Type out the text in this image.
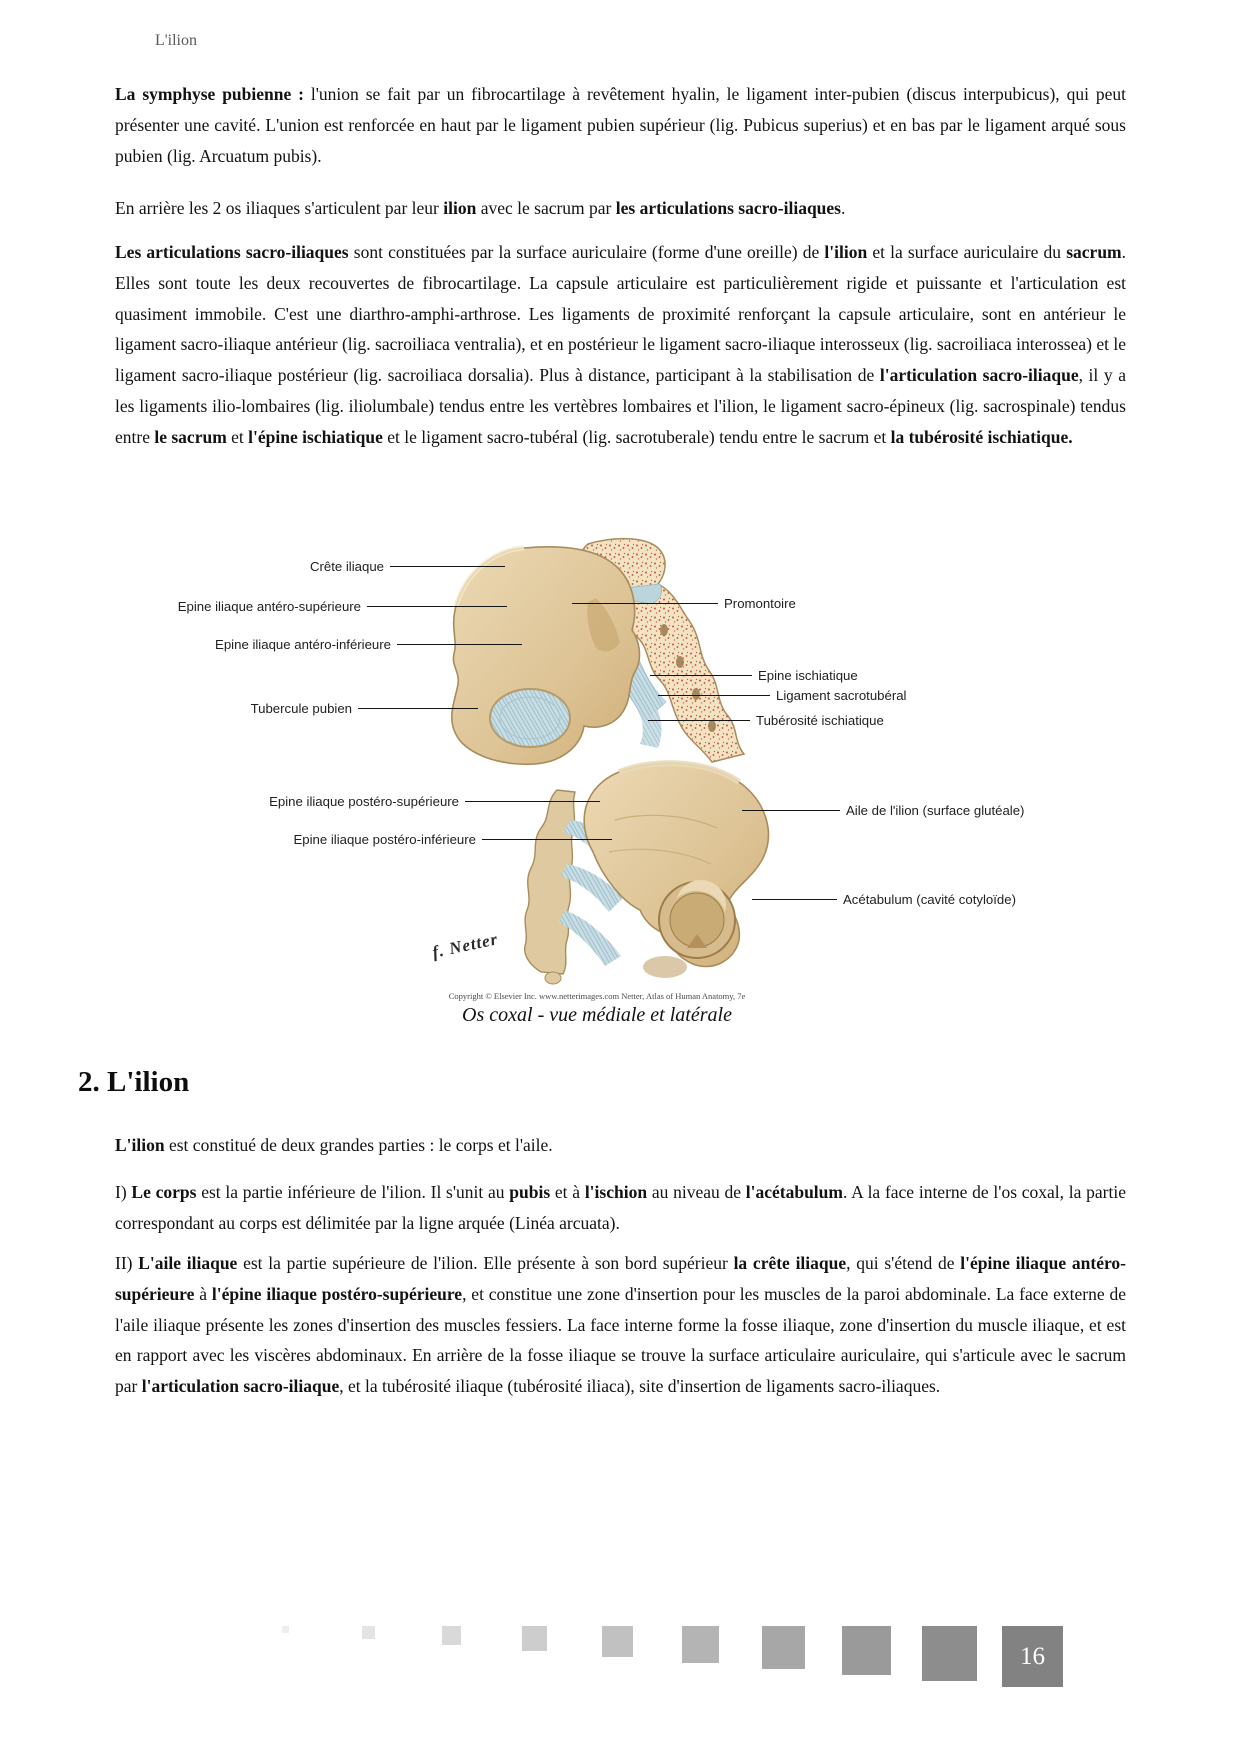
L'ilion
La symphyse pubienne : l'union se fait par un fibrocartilage à revêtement hyalin, le ligament inter-pubien (discus interpubicus), qui peut présenter une cavité. L'union est renforcée en haut par le ligament pubien supérieur (lig. Pubicus superius) et en bas par le ligament arqué sous pubien (lig. Arcuatum pubis).
En arrière les 2 os iliaques s'articulent par leur ilion avec le sacrum par les articulations sacro-iliaques.
Les articulations sacro-iliaques sont constituées par la surface auriculaire (forme d'une oreille) de l'ilion et la surface auriculaire du sacrum. Elles sont toute les deux recouvertes de fibrocartilage. La capsule articulaire est particulièrement rigide et puissante et l'articulation est quasiment immobile. C'est une diarthro-amphi-arthrose. Les ligaments de proximité renforçant la capsule articulaire, sont en antérieur le ligament sacro-iliaque antérieur (lig. sacroiliaca ventralia), et en postérieur le ligament sacro-iliaque interosseux (lig. sacroiliaca interossea) et le ligament sacro-iliaque postérieur (lig. sacroiliaca dorsalia). Plus à distance, participant à la stabilisation de l'articulation sacro-iliaque, il y a les ligaments ilio-lombaires (lig. iliolumbale) tendus entre les vertèbres lombaires et l'ilion, le ligament sacro-épineux (lig. sacrospinale) tendus entre le sacrum et l'épine ischiatique et le ligament sacro-tubéral (lig. sacrotuberale) tendu entre le sacrum et la tubérosité ischiatique.
Crête iliaque
Epine iliaque antéro-supérieure
Epine iliaque antéro-inférieure
Tubercule pubien
Epine iliaque postéro-supérieure
Epine iliaque postéro-inférieure
Promontoire
Epine ischiatique
Ligament sacrotubéral
Tubérosité ischiatique
Aile de l'ilion (surface glutéale)
Acétabulum (cavité cotyloïde)
f. Netter
Copyright © Elsevier Inc. www.netterimages.com Netter, Atlas of Human Anatomy, 7e
Os coxal - vue médiale et latérale
2. L'ilion
L'ilion est constitué de deux grandes parties : le corps et l'aile.
I) Le corps est la partie inférieure de l'ilion. Il s'unit au pubis et à l'ischion au niveau de l'acétabulum. A la face interne de l'os coxal, la partie correspondant au corps est délimitée par la ligne arquée (Linéa arcuata).
II) L'aile iliaque est la partie supérieure de l'ilion. Elle présente à son bord supérieur la crête iliaque, qui s'étend de l'épine iliaque antéro-supérieure à l'épine iliaque postéro-supérieure, et constitue une zone d'insertion pour les muscles de la paroi abdominale. La face externe de l'aile iliaque présente les zones d'insertion des muscles fessiers. La face interne forme la fosse iliaque, zone d'insertion du muscle iliaque, et est en rapport avec les viscères abdominaux. En arrière de la fosse iliaque se trouve la surface articulaire auriculaire, qui s'articule avec le sacrum par l'articulation sacro-iliaque, et la tubérosité iliaque (tubérosité iliaca), site d'insertion de ligaments sacro-iliaques.
16
